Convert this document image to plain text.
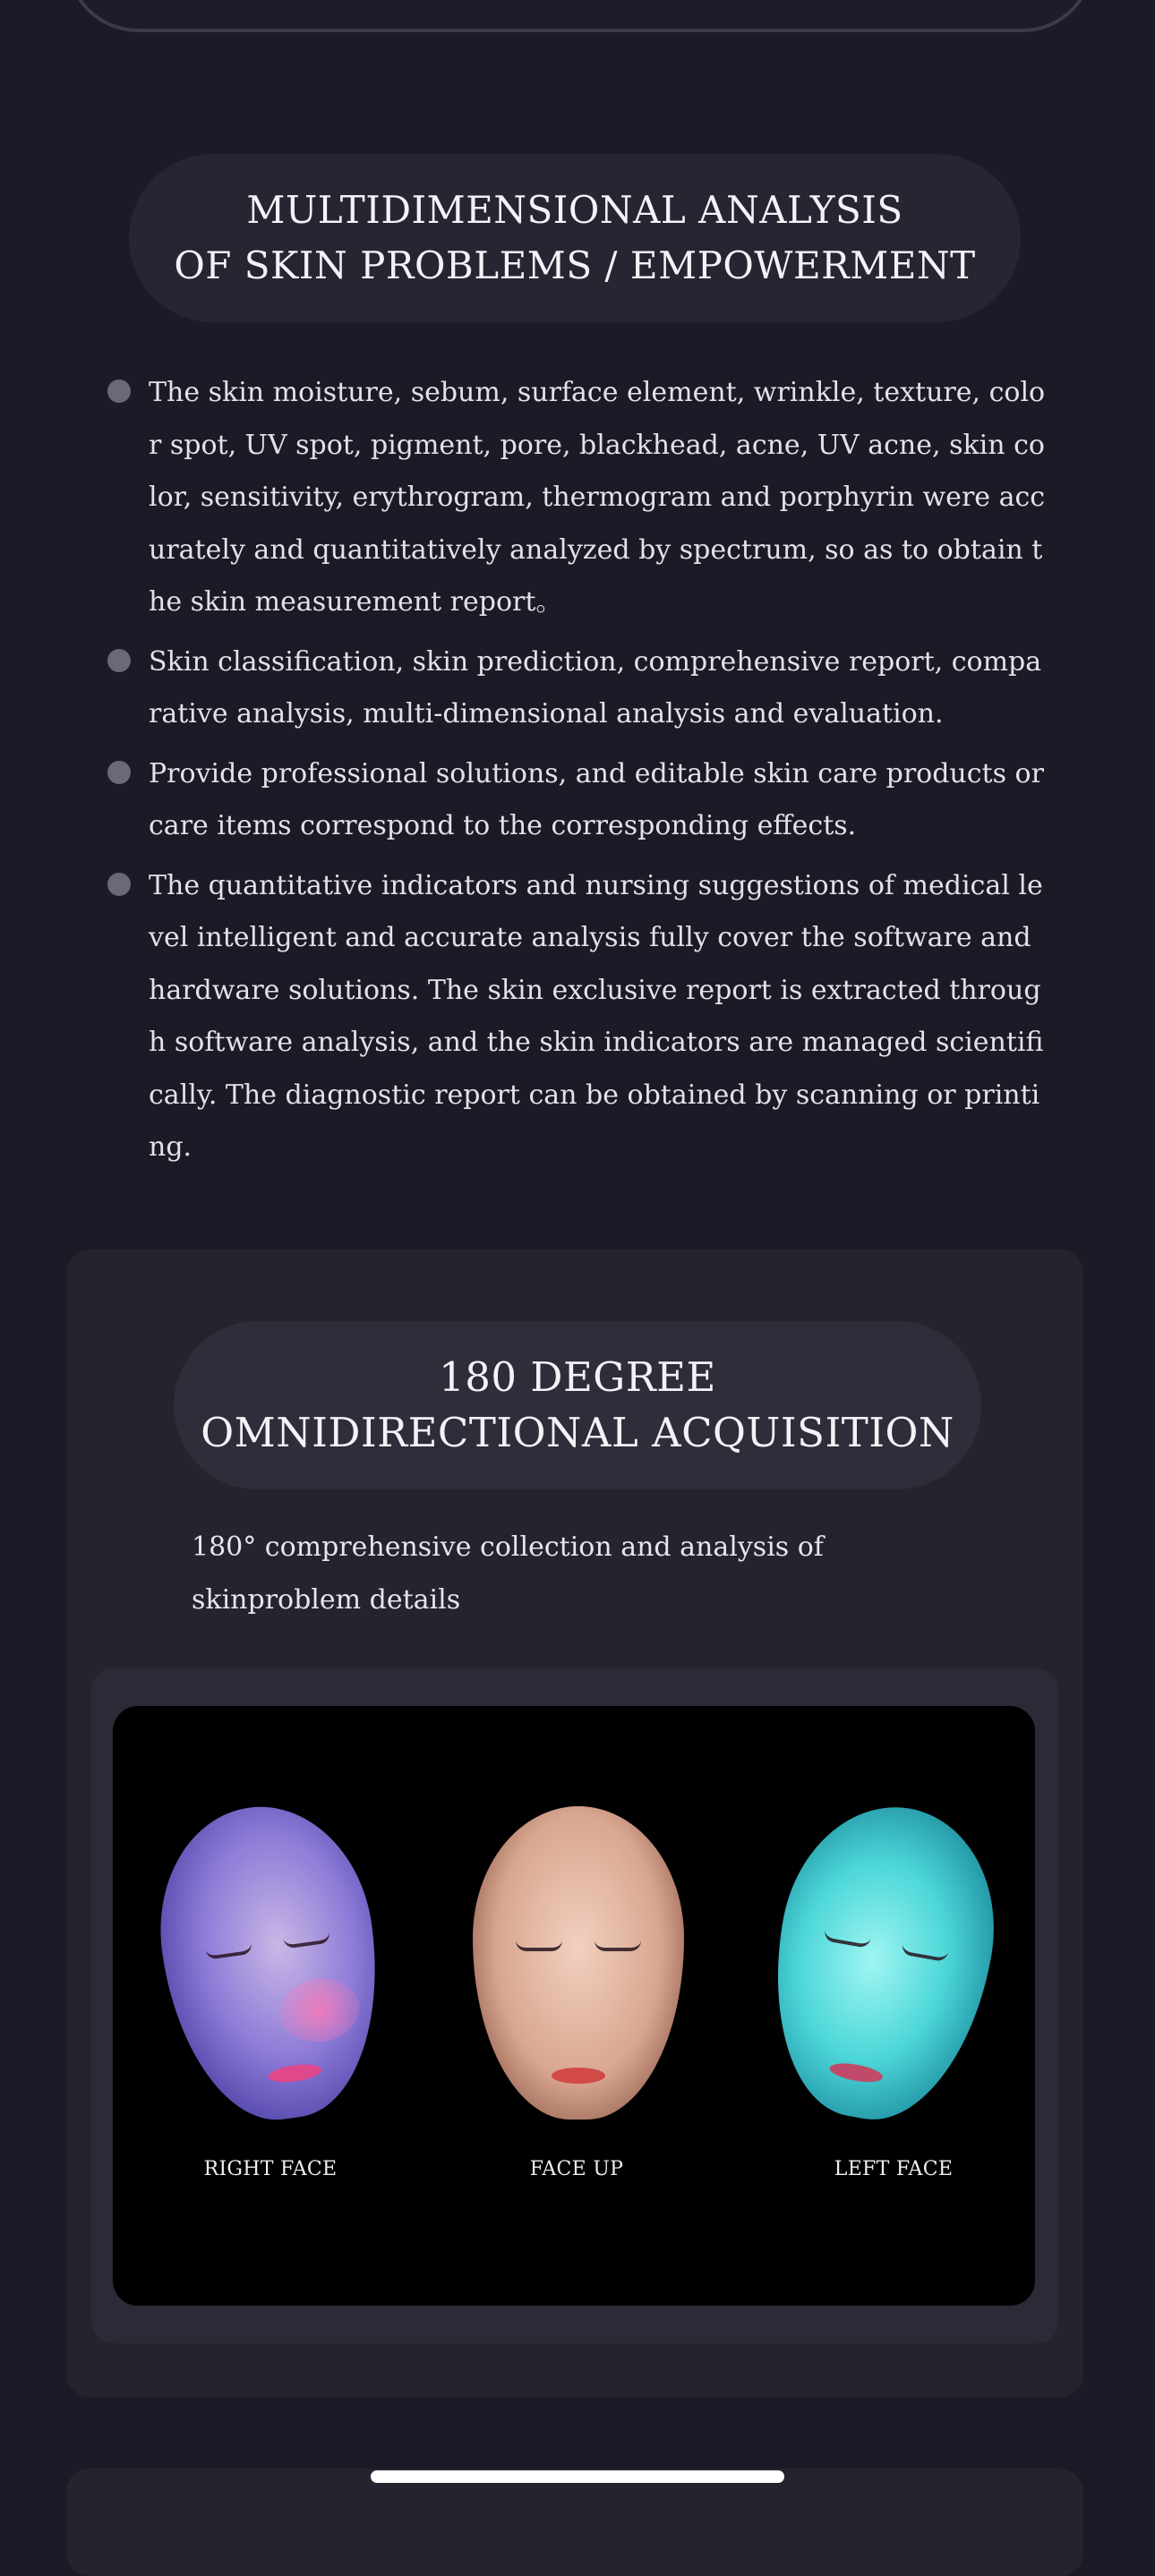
MULTIDIMENSIONAL ANALYSIS
OF SKIN PROBLEMS / EMPOWERMENT
The skin moisture, sebum, surface element, wrinkle, texture, color spot, UV spot, pigment, pore, blackhead, acne, UV acne, skin color, sensitivity, erythrogram, thermogram and porphyrin were accurately and quantitatively analyzed by spectrum, so as to obtain the skin measurement report。
Skin classification, skin prediction, comprehensive report, comparative analysis, multi-dimensional analysis and evaluation.
Provide professional solutions, and editable skin care products or care items correspond to the corresponding effects.
The quantitative indicators and nursing suggestions of medical level intelligent and accurate analysis fully cover the software and hardware solutions. The skin exclusive report is extracted through software analysis, and the skin indicators are managed scientifically. The diagnostic report can be obtained by scanning or printing.
180 DEGREE
OMNIDIRECTIONAL ACQUISITION
180° comprehensive collection and analysis of skinproblem details
RIGHT FACE	FACE UP	LEFT FACE
